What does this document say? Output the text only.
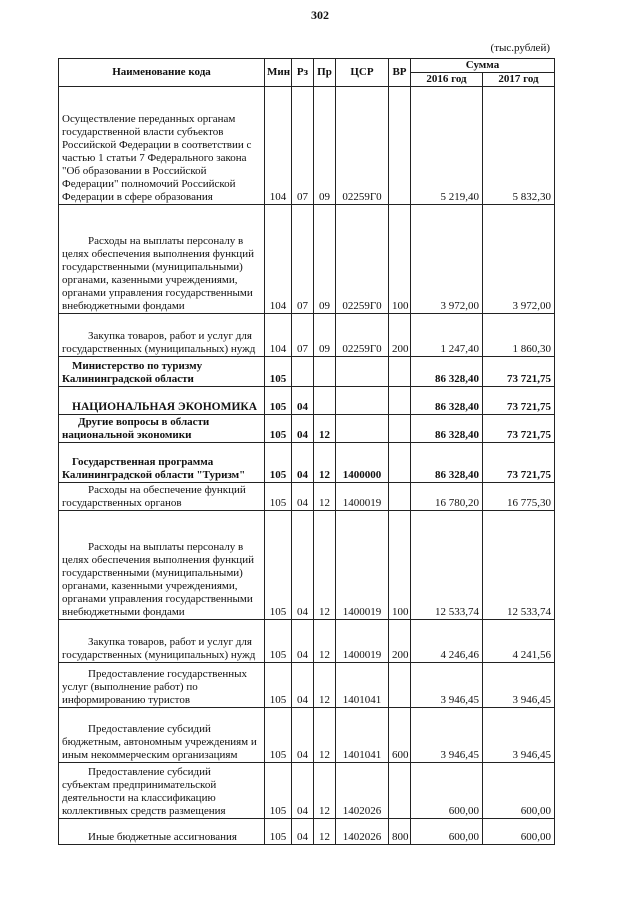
302
(тыс.рублей)
Наименование кода	Мин	Рз	Пр	ЦСР	ВР	Сумма	
						2016 год	2017 год
Осуществление переданных органам государственной власти субъектов Российской Федерации в соответствии с частью 1 статьи 7 Федерального закона "Об образовании в Российской Федерации" полномочий Российской Федерации в сфере образования	104	07	09	02259Г0		5 219,40	5 832,30
Расходы на выплаты персоналу в целях обеспечения выполнения функций государственными (муниципальными) органами, казенными учреждениями, органами управления государственными внебюджетными фондами	104	07	09	02259Г0	100	3 972,00	3 972,00
Закупка товаров, работ и услуг для государственных (муниципальных) нужд	104	07	09	02259Г0	200	1 247,40	1 860,30
Министерство по туризму Калининградской области	105					86 328,40	73 721,75
НАЦИОНАЛЬНАЯ ЭКОНОМИКА	105	04				86 328,40	73 721,75
Другие вопросы в области национальной экономики	105	04	12			86 328,40	73 721,75
Государственная программа Калининградской области "Туризм"	105	04	12	1400000		86 328,40	73 721,75
Расходы на обеспечение функций государственных органов	105	04	12	1400019		16 780,20	16 775,30
Расходы на выплаты персоналу в целях обеспечения выполнения функций государственными (муниципальными) органами, казенными учреждениями, органами управления государственными внебюджетными фондами	105	04	12	1400019	100	12 533,74	12 533,74
Закупка товаров, работ и услуг для государственных (муниципальных) нужд	105	04	12	1400019	200	4 246,46	4 241,56
Предоставление государственных услуг (выполнение работ) по информированию туристов	105	04	12	1401041		3 946,45	3 946,45
Предоставление субсидий бюджетным, автономным учреждениям и иным некоммерческим организациям	105	04	12	1401041	600	3 946,45	3 946,45
Предоставление субсидий субъектам предпринимательской деятельности на классификацию коллективных средств размещения	105	04	12	1402026		600,00	600,00
Иные бюджетные ассигнования	105	04	12	1402026	800	600,00	600,00
